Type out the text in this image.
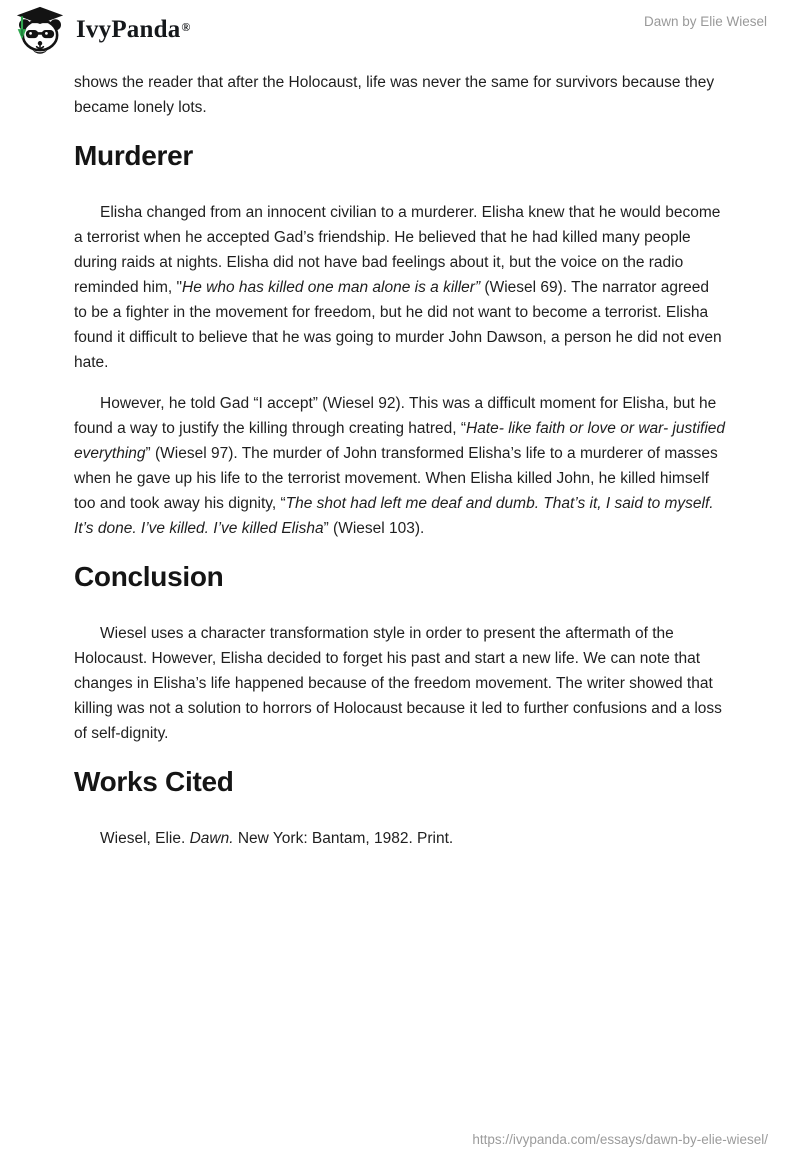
IvyPanda®	Dawn by Elie Wiesel

shows the reader that after the Holocaust, life was never the same for survivors because they became lonely lots.

Murderer

Elisha changed from an innocent civilian to a murderer. Elisha knew that he would become a terrorist when he accepted Gad’s friendship. He believed that he had killed many people during raids at nights. Elisha did not have bad feelings about it, but the voice on the radio reminded him, "He who has killed one man alone is a killer” (Wiesel 69). The narrator agreed to be a fighter in the movement for freedom, but he did not want to become a terrorist. Elisha found it difficult to believe that he was going to murder John Dawson, a person he did not even hate.

However, he told Gad “I accept” (Wiesel 92). This was a difficult moment for Elisha, but he found a way to justify the killing through creating hatred, “Hate- like faith or love or war- justified everything” (Wiesel 97). The murder of John transformed Elisha’s life to a murderer of masses when he gave up his life to the terrorist movement. When Elisha killed John, he killed himself too and took away his dignity, “The shot had left me deaf and dumb. That’s it, I said to myself. It’s done. I’ve killed. I’ve killed Elisha” (Wiesel 103).

Conclusion

Wiesel uses a character transformation style in order to present the aftermath of the Holocaust. However, Elisha decided to forget his past and start a new life. We can note that changes in Elisha’s life happened because of the freedom movement. The writer showed that killing was not a solution to horrors of Holocaust because it led to further confusions and a loss of self-dignity.

Works Cited

Wiesel, Elie. Dawn. New York: Bantam, 1982. Print.

https://ivypanda.com/essays/dawn-by-elie-wiesel/
